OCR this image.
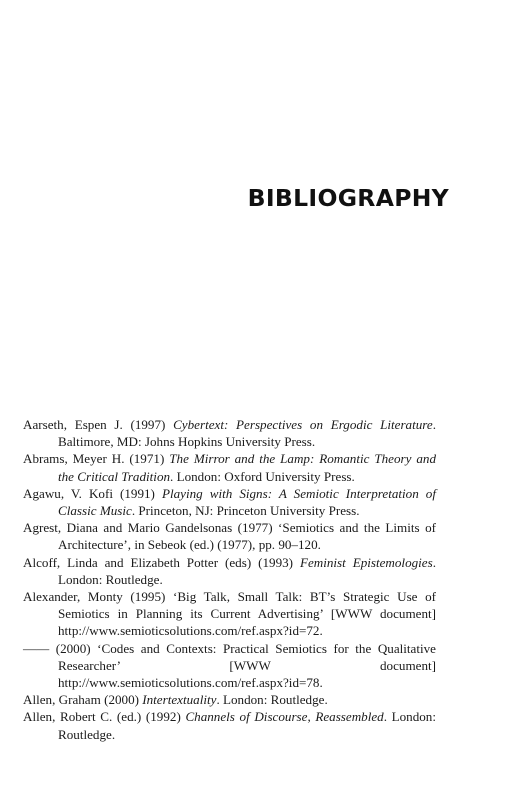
BIBLIOGRAPHY

Aarseth, Espen J. (1997) Cybertext: Perspectives on Ergodic Literature. Baltimore, MD: Johns Hopkins University Press.

Abrams, Meyer H. (1971) The Mirror and the Lamp: Romantic Theory and the Critical Tradition. London: Oxford University Press.

Agawu, V. Kofi (1991) Playing with Signs: A Semiotic Interpretation of Classic Music. Princeton, NJ: Princeton University Press.

Agrest, Diana and Mario Gandelsonas (1977) ‘Semiotics and the Limits of Architecture’, in Sebeok (ed.) (1977), pp. 90–120.

Alcoff, Linda and Elizabeth Potter (eds) (1993) Feminist Epistemologies. London: Routledge.

Alexander, Monty (1995) ‘Big Talk, Small Talk: BT’s Strategic Use of Semiotics in Planning its Current Advertising’ [WWW document] http://www.semioticsolutions.com/ref.aspx?id=72.

—— (2000) ‘Codes and Contexts: Practical Semiotics for the Qualitative Researcher’ [WWW document] http://www.semioticsolutions.com/ref.aspx?id=78.

Allen, Graham (2000) Intertextuality. London: Routledge.

Allen, Robert C. (ed.) (1992) Channels of Discourse, Reassembled. London: Routledge.
